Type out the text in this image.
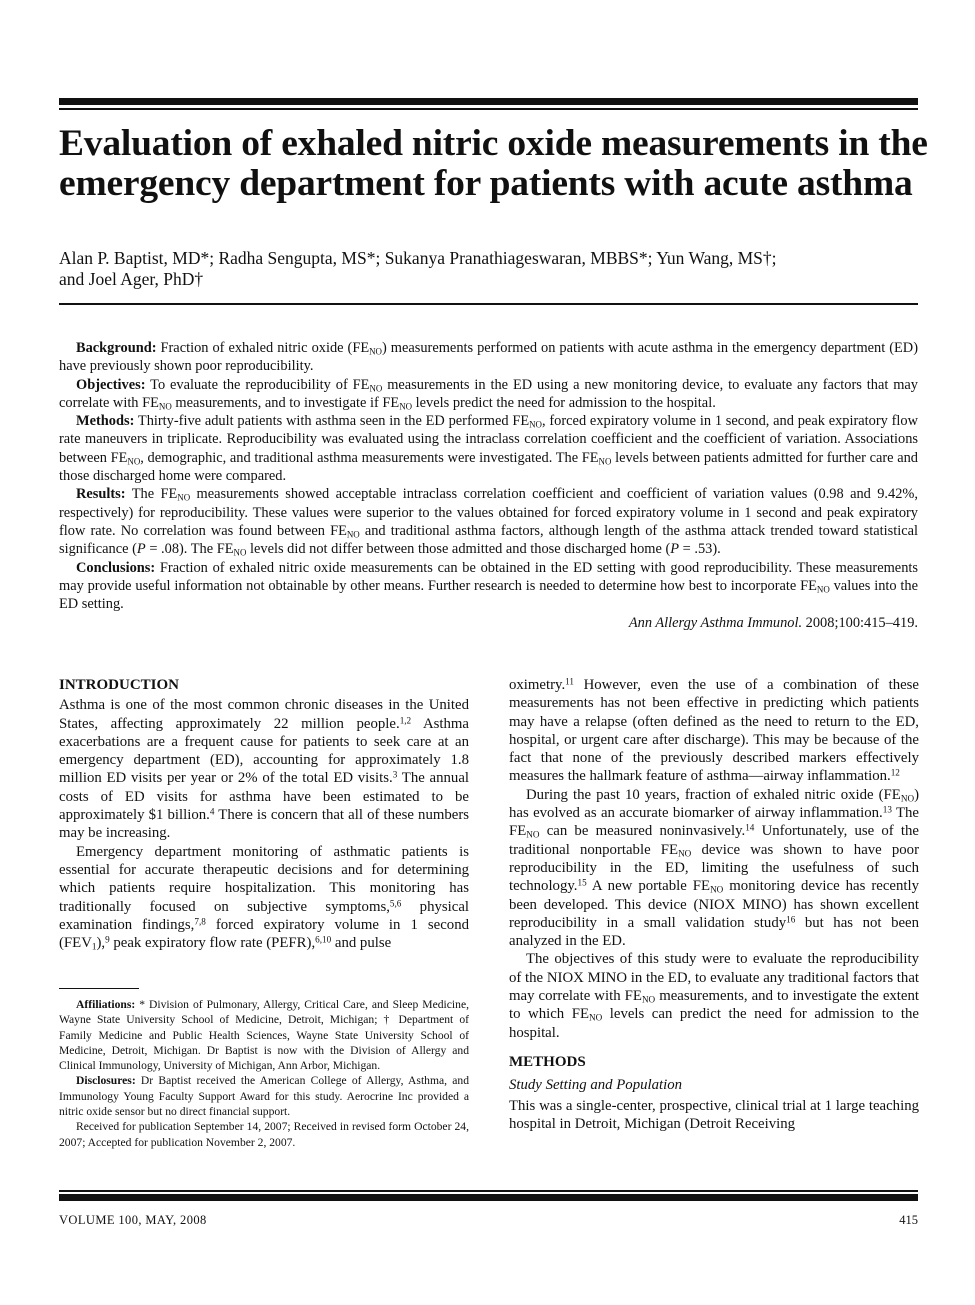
Evaluation of exhaled nitric oxide measurements in the emergency department for patients with acute asthma
Alan P. Baptist, MD*; Radha Sengupta, MS*; Sukanya Pranathiageswaran, MBBS*; Yun Wang, MS†;
and Joel Ager, PhD†

Background: Fraction of exhaled nitric oxide $(FE_{NO})$ measurements performed on patients with acute asthma in the emergency department (ED) have previously shown poor reproducibility.

Objectives: To evaluate the reproducibility of $FE_{NO}$ measurements in the ED using a new monitoring device, to evaluate any factors that may correlate with $FE_{NO}$ measurements, and to investigate if $FE_{NO}$ levels predict the need for admission to the hospital.

Methods: Thirty-five adult patients with asthma seen in the ED performed $FE_{NO}$, forced expiratory volume in 1 second, and peak expiratory flow rate maneuvers in triplicate. Reproducibility was evaluated using the intraclass correlation coefficient and the coefficient of variation. Associations between $FE_{NO}$, demographic, and traditional asthma measurements were investigated. The $FE_{NO}$ levels between patients admitted for further care and those discharged home were compared.

Results: The $FE_{NO}$ measurements showed acceptable intraclass correlation coefficient and coefficient of variation values (0.98 and 9.42%, respectively) for reproducibility. These values were superior to the values obtained for forced expiratory volume in 1 second and peak expiratory flow rate. No correlation was found between $FE_{NO}$ and traditional asthma factors, although length of the asthma attack trended toward statistical significance (P = .08). The $FE_{NO}$ levels did not differ between those admitted and those discharged home (P = .53).

Conclusions: Fraction of exhaled nitric oxide measurements can be obtained in the ED setting with good reproducibility. These measurements may provide useful information not obtainable by other means. Further research is needed to determine how best to incorporate $FE_{NO}$ values into the ED setting.

Ann Allergy Asthma Immunol. 2008;100:415–419.

INTRODUCTION

Asthma is one of the most common chronic diseases in the United States, affecting approximately 22 million people.$^{1,2}$ Asthma exacerbations are a frequent cause for patients to seek care at an emergency department (ED), accounting for approximately 1.8 million ED visits per year or 2% of the total ED visits.$^3$ The annual costs of ED visits for asthma have been estimated to be approximately $1 billion.$^4$ There is concern that all of these numbers may be increasing.

Emergency department monitoring of asthmatic patients is essential for accurate therapeutic decisions and for determining which patients require hospitalization. This monitoring has traditionally focused on subjective symptoms,$^{5,6}$ physical examination findings,$^{7,8}$ forced expiratory volume in 1 second $(FEV_1),^9$ peak expiratory flow rate (PEFR),$^{6,10}$ and pulse

Affiliations: * Division of Pulmonary, Allergy, Critical Care, and Sleep Medicine, Wayne State University School of Medicine, Detroit, Michigan; † Department of Family Medicine and Public Health Sciences, Wayne State University School of Medicine, Detroit, Michigan. Dr Baptist is now with the Division of Allergy and Clinical Immunology, University of Michigan, Ann Arbor, Michigan.

Disclosures: Dr Baptist received the American College of Allergy, Asthma, and Immunology Young Faculty Support Award for this study. Aerocrine Inc provided a nitric oxide sensor but no direct financial support.

Received for publication September 14, 2007; Received in revised form October 24, 2007; Accepted for publication November 2, 2007.

oximetry.$^{11}$ However, even the use of a combination of these measurements has not been effective in predicting which patients may have a relapse (often defined as the need to return to the ED, hospital, or urgent care after discharge). This may be because of the fact that none of the previously described markers effectively measures the hallmark feature of asthma—airway inflammation.$^{12}$

During the past 10 years, fraction of exhaled nitric oxide $(FE_{NO})$ has evolved as an accurate biomarker of airway inflammation.$^{13}$ The $FE_{NO}$ can be measured noninvasively.$^{14}$ Unfortunately, use of the traditional nonportable $FE_{NO}$ device was shown to have poor reproducibility in the ED, limiting the usefulness of such technology.$^{15}$ A new portable $FE_{NO}$ monitoring device has recently been developed. This device (NIOX MINO) has shown excellent reproducibility in a small validation study$^{16}$ but has not been analyzed in the ED.

The objectives of this study were to evaluate the reproducibility of the NIOX MINO in the ED, to evaluate any traditional factors that may correlate with $FE_{NO}$ measurements, and to investigate the extent to which $FE_{NO}$ levels can predict the need for admission to the hospital.

METHODS

Study Setting and Population

This was a single-center, prospective, clinical trial at 1 large teaching hospital in Detroit, Michigan (Detroit Receiving

VOLUME 100, MAY, 2008	415
